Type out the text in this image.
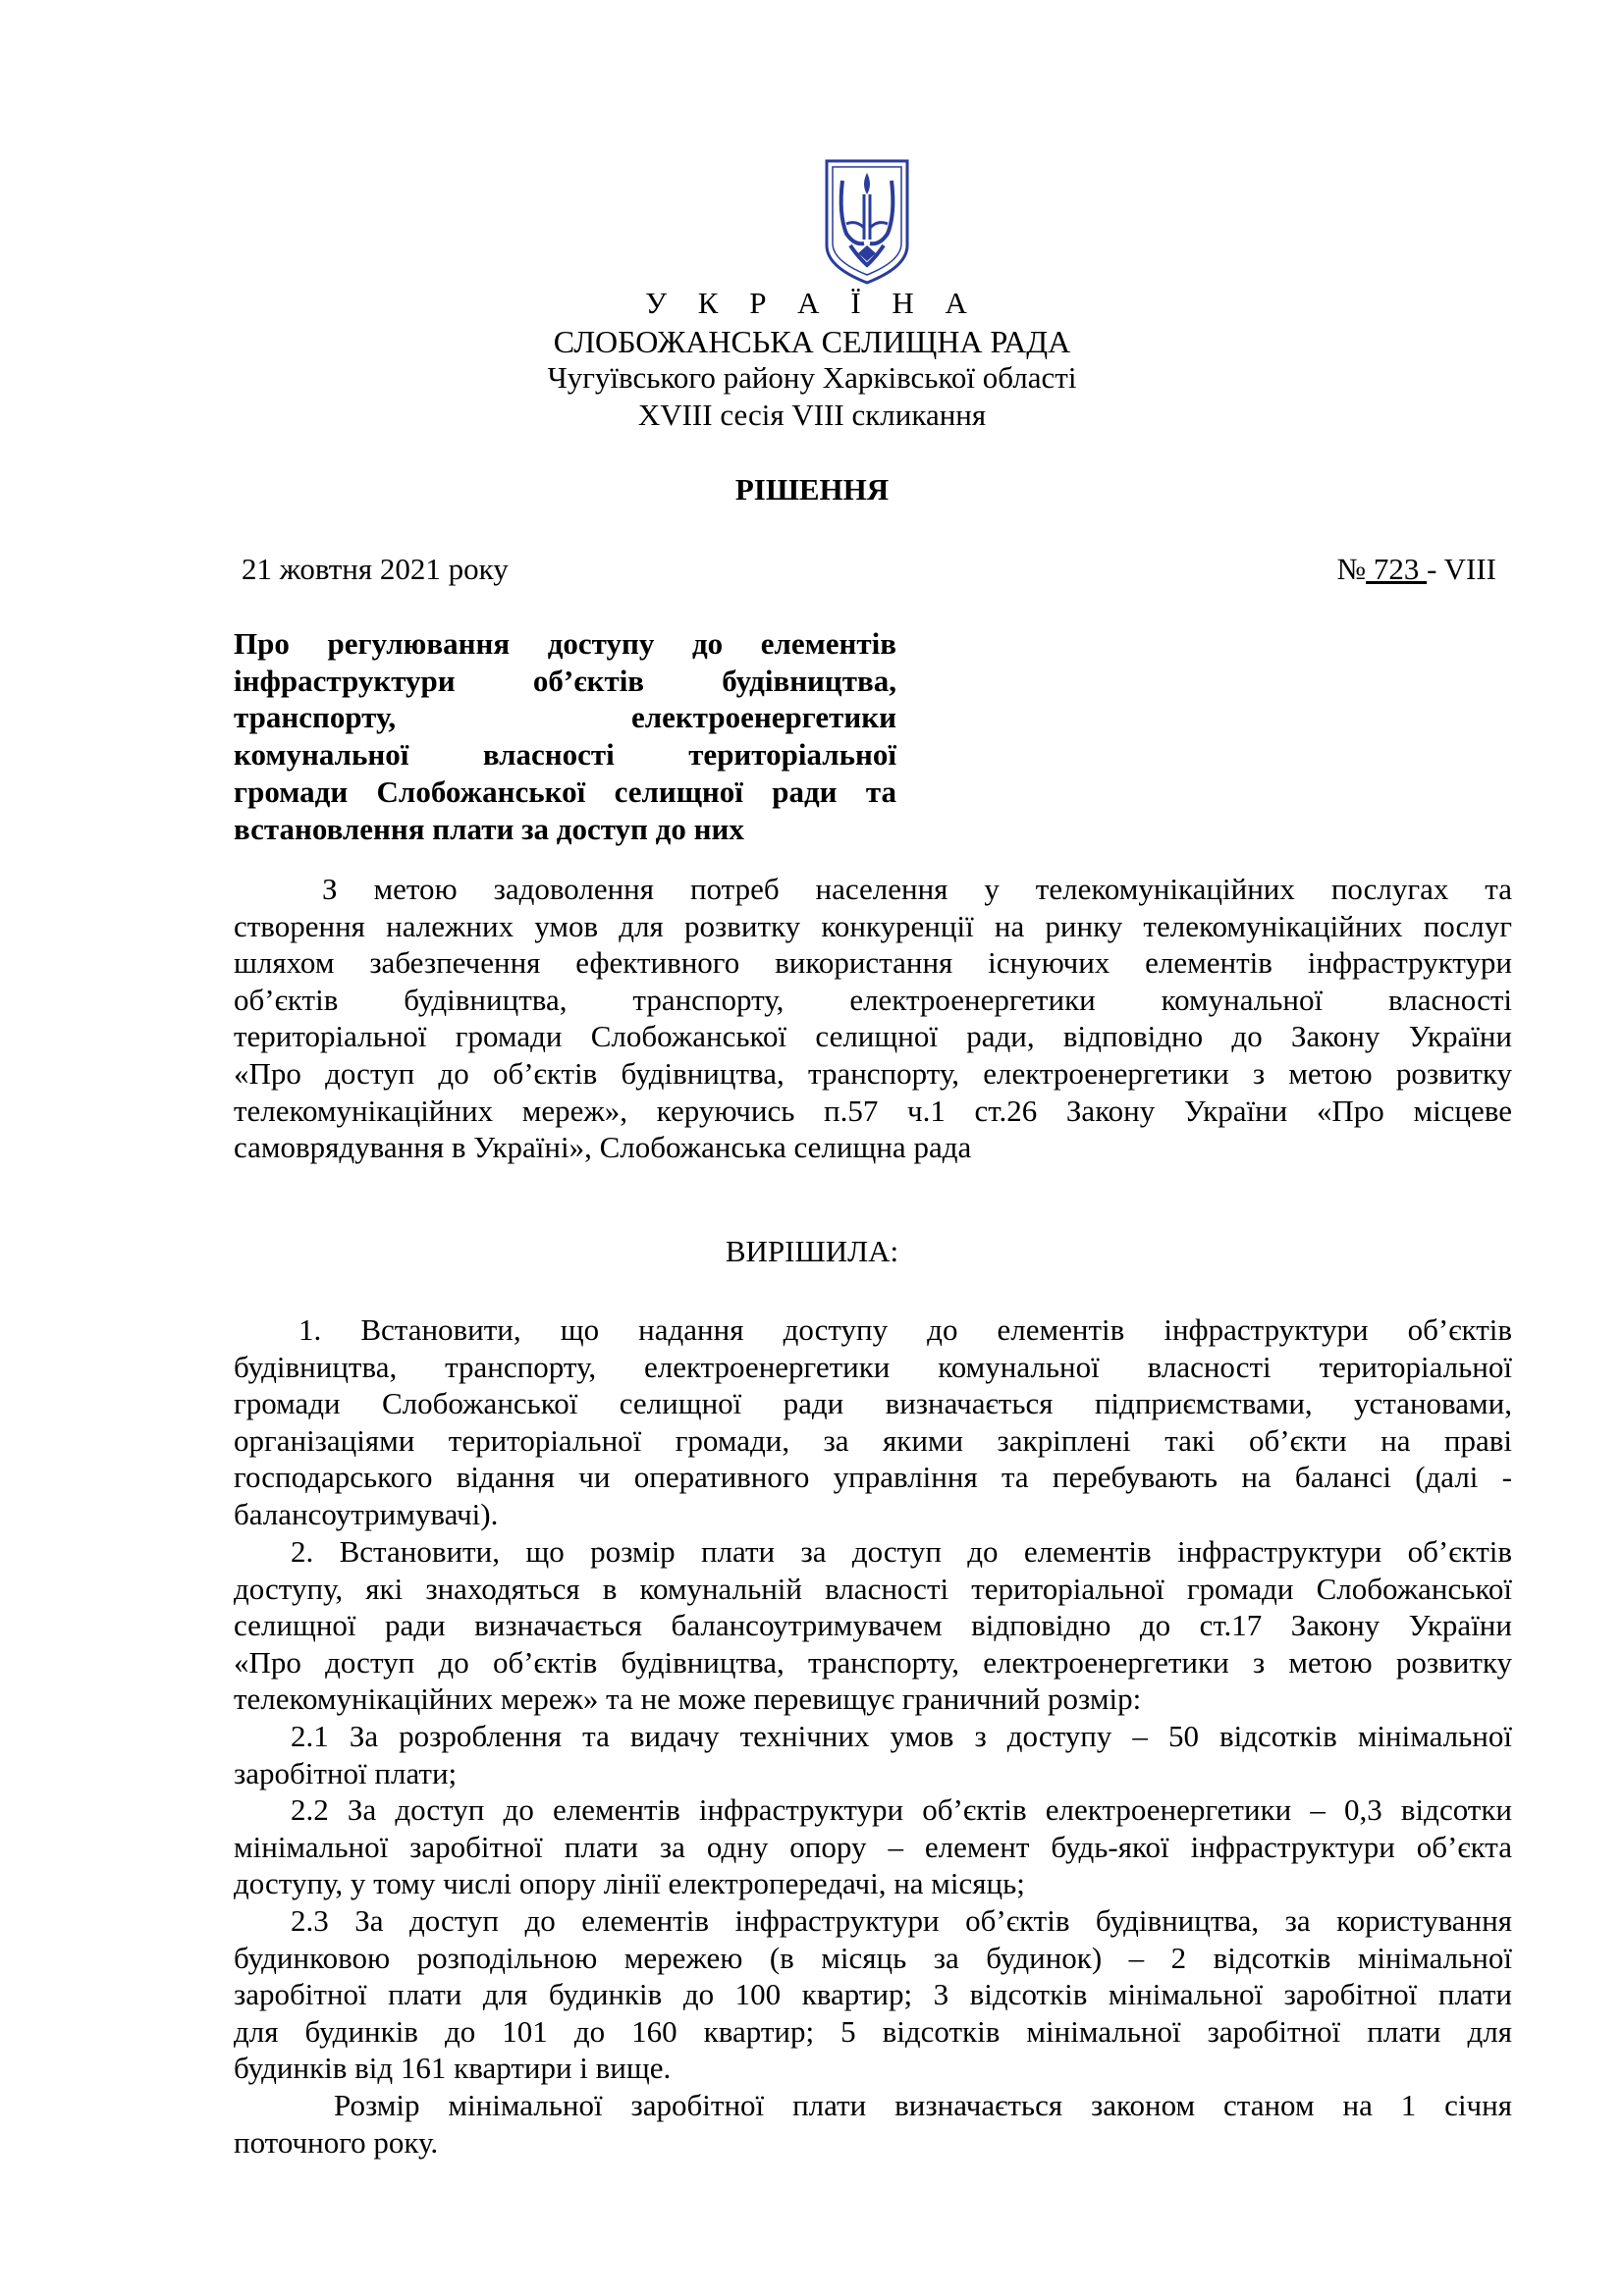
У К Р А Ї Н А
СЛОБОЖАНСЬКА СЕЛИЩНА РАДА
Чугуївського району Харківської області
XVIII сесія VIII скликання
РІШЕННЯ
21 жовтня 2021 року	№ 723 - VIII
Про регулювання доступу до елементів
інфраструктури об’єктів будівництва,
транспорту, електроенергетики
комунальної власності територіальної
громади Слобожанської селищної ради та
встановлення плати за доступ до них
З метою задоволення потреб населення у телекомунікаційних послугах та
створення належних умов для розвитку конкуренції на ринку телекомунікаційних послуг
шляхом забезпечення ефективного використання існуючих елементів інфраструктури
об’єктів будівництва, транспорту, електроенергетики комунальної власності
територіальної громади Слобожанської селищної ради, відповідно до Закону України
«Про доступ до об’єктів будівництва, транспорту, електроенергетики з метою розвитку
телекомунікаційних мереж», керуючись п.57 ч.1 ст.26 Закону України «Про місцеве
самоврядування в Україні», Слобожанська селищна рада
ВИРІШИЛА:
1. Встановити, що надання доступу до елементів інфраструктури об’єктів
будівництва, транспорту, електроенергетики комунальної власності територіальної
громади Слобожанської селищної ради визначається підприємствами, установами,
організаціями територіальної громади, за якими закріплені такі об’єкти на праві
господарського відання чи оперативного управління та перебувають на балансі (далі -
балансоутримувачі).
2. Встановити, що розмір плати за доступ до елементів інфраструктури об’єктів
доступу, які знаходяться в комунальній власності територіальної громади Слобожанської
селищної ради визначається балансоутримувачем відповідно до ст.17 Закону України
«Про доступ до об’єктів будівництва, транспорту, електроенергетики з метою розвитку
телекомунікаційних мереж» та не може перевищує граничний розмір:
2.1 За розроблення та видачу технічних умов з доступу – 50 відсотків мінімальної
заробітної плати;
2.2 За доступ до елементів інфраструктури об’єктів електроенергетики – 0,3 відсотки
мінімальної заробітної плати за одну опору – елемент будь-якої інфраструктури об’єкта
доступу, у тому числі опору лінії електропередачі, на місяць;
2.3 За доступ до елементів інфраструктури об’єктів будівництва, за користування
будинковою розподільною мережею (в місяць за будинок) – 2 відсотків мінімальної
заробітної плати для будинків до 100 квартир; 3 відсотків мінімальної заробітної плати
для будинків до 101 до 160 квартир; 5 відсотків мінімальної заробітної плати для
будинків від 161 квартири і вище.
Розмір мінімальної заробітної плати визначається законом станом на 1 січня
поточного року.
